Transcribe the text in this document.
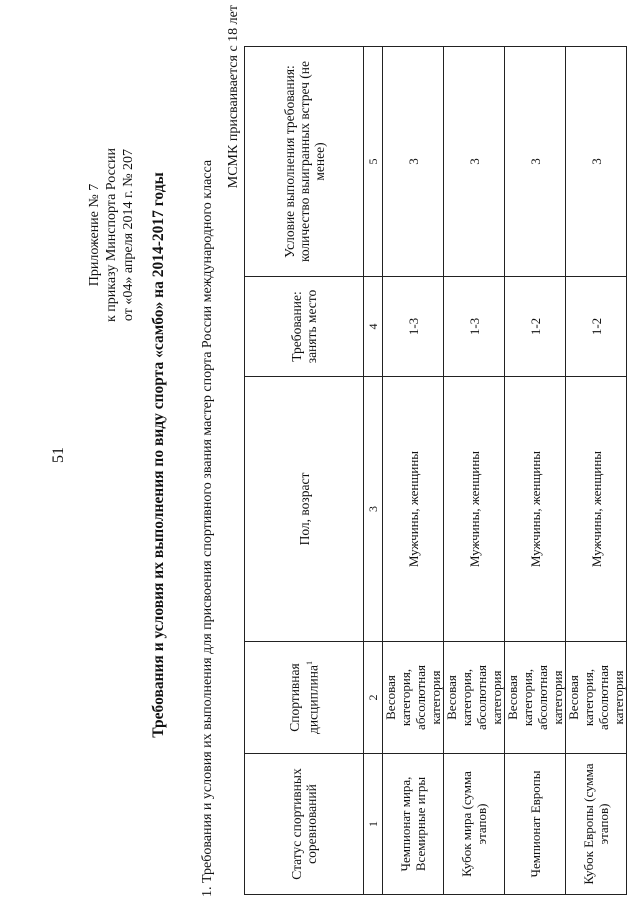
51
Приложение № 7 к приказу Минспорта России от «04» апреля 2014 г. № 207 Требования и условия их выполнения по виду спорта «самбо» на 2014-2017 годы 1. Требования и условия их выполнения для присвоения спортивного звания мастер спорта России международного класса
МСМК присваивается с 18 лет
Статус спортивных соревнований	Спортивная дисциплина$^1$	Пол, возраст	Требование: занять место	Условие выполнения требования: количество выигранных встреч (не менее)
1	2	3	4	5
Чемпионат мира, Всемирные игры	Весовая категория, абсолютная категория	Мужчины, женщины	1-3	3
Кубок мира (сумма этапов)	Весовая категория, абсолютная категория	Мужчины, женщины	1-3	3
Чемпионат Европы	Весовая категория, абсолютная категория	Мужчины, женщины	1-2	3
Кубок Европы (сумма этапов)	Весовая категория, абсолютная категория	Мужчины, женщины	1-2	3
